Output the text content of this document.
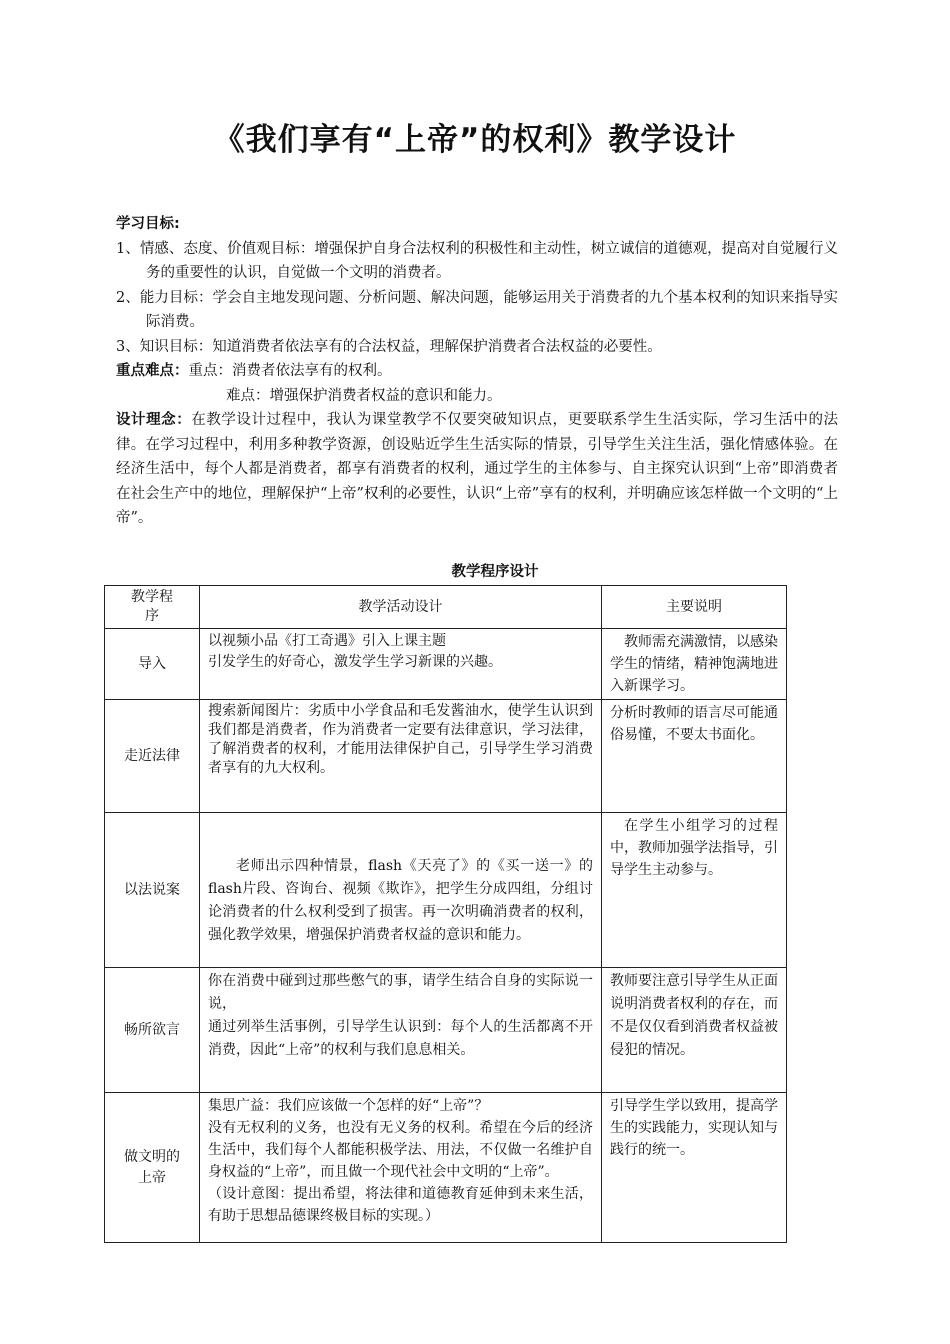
《我们享有“上帝”的权利》教学设计

学习目标:

1、情感、态度、价值观目标：增强保护自身合法权利的积极性和主动性，树立诚信的道德观，提高对自觉履行义务的重要性的认识，自觉做一个文明的消费者。

2、能力目标：学会自主地发现问题、分析问题、解决问题，能够运用关于消费者的九个基本权利的知识来指导实际消费。

3、知识目标：知道消费者依法享有的合法权益，理解保护消费者合法权益的必要性。

重点难点：重点：消费者依法享有的权利。

难点：增强保护消费者权益的意识和能力。

设计理念：在教学设计过程中，我认为课堂教学不仅要突破知识点，更要联系学生生活实际，学习生活中的法律。在学习过程中，利用多种教学资源，创设贴近学生生活实际的情景，引导学生关注生活，强化情感体验。在经济生活中，每个人都是消费者，都享有消费者的权利，通过学生的主体参与、自主探究认识到“上帝”即消费者在社会生产中的地位，理解保护“上帝”权利的必要性，认识“上帝”享有的权利，并明确应该怎样做一个文明的“上帝”。

教学程序设计
教学程序	教学活动设计	主要说明
导入	以视频小品《打工奇遇》引入上课主题
引发学生的好奇心，激发学生学习新课的兴趣。	教师需充满激情，以感染学生的情绪，精神饱满地进入新课学习。
走近法律	搜索新闻图片：劣质中小学食品和毛发酱油水，使学生认识到我们都是消费者，作为消费者一定要有法律意识，学习法律，了解消费者的权利，才能用法律保护自己，引导学生学习消费者享有的九大权利。	分析时教师的语言尽可能通俗易懂，不要太书面化。
以法说案	老师出示四种情景，flash《天亮了》的《买一送一》的flash片段、咨询台、视频《欺诈》，把学生分成四组，分组讨论消费者的什么权利受到了损害。再一次明确消费者的权利，强化教学效果，增强保护消费者权益的意识和能力。	在学生小组学习的过程中，教师加强学法指导，引导学生主动参与。
畅所欲言	你在消费中碰到过那些憋气的事，请学生结合自身的实际说一说，
通过列举生活事例，引导学生认识到：每个人的生活都离不开消费，因此“上帝”的权利与我们息息相关。	教师要注意引导学生从正面说明消费者权利的存在，而不是仅仅看到消费者权益被侵犯的情况。
做文明的上帝	集思广益：我们应该做一个怎样的好“上帝”？
没有无权利的义务，也没有无义务的权利。希望在今后的经济生活中，我们每个人都能积极学法、用法，不仅做一名维护自身权益的“上帝”，而且做一个现代社会中文明的“上帝”。
（设计意图：提出希望，将法律和道德教育延伸到未来生活，有助于思想品德课终极目标的实现。）	引导学生学以致用，提高学生的实践能力，实现认知与践行的统一。
